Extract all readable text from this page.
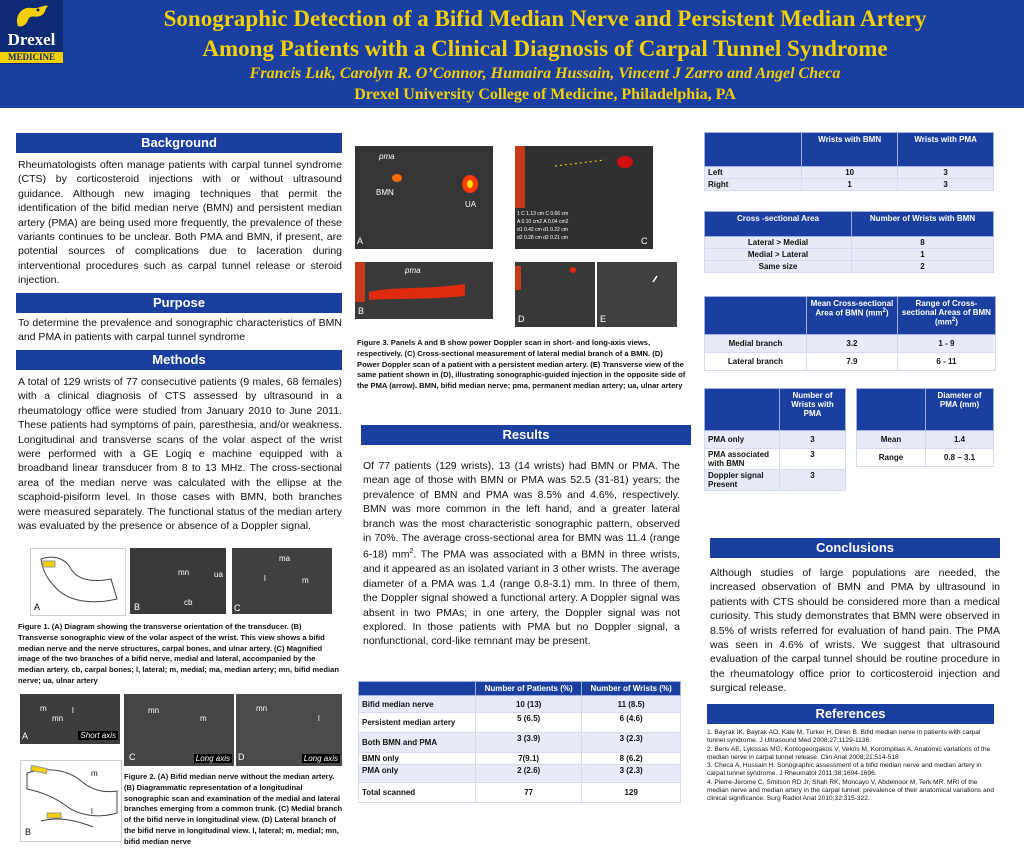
Drexel
MEDICINE
Sonographic Detection of a Bifid Median Nerve and Persistent Median Artery
Among Patients with a Clinical Diagnosis of Carpal Tunnel Syndrome
Francis Luk, Carolyn R. O’Connor, Humaira Hussain, Vincent J Zarro and Angel Checa
Drexel University College of Medicine, Philadelphia, PA
Background
Rheumatologists often manage patients with carpal tunnel syndrome (CTS) by corticosteroid injections with or without ultrasound guidance. Although new imaging techniques that permit the identification of the bifid median nerve (BMN) and persistent median artery (PMA) are being used more frequently, the prevalence of these variants continues to be unclear. Both PMA and BMN, if present, are potential sources of complications due to laceration during interventional procedures such as carpal tunnel release or steroid injection.
Purpose
To determine the prevalence and sonographic characteristics of BMN and PMA in patients with carpal tunnel syndrome
Methods
A total of 129 wrists of 77 consecutive patients (9 males, 68 females) with a clinical diagnosis of CTS assessed by ultrasound in a rheumatology office were studied from January 2010 to June 2011. These patients had symptoms of pain, paresthesia, and/or weakness. Longitudinal and transverse scans of the volar aspect of the wrist were performed with a GE Logiq e machine equipped with a broadband linear transducer from 8 to 13 MHz. The cross-sectional area of the median nerve was calculated with the ellipse at the scaphoid-pisiform level. In those cases with BMN, both branches were measured separately. The functional status of the median artery was evaluated by the presence or absence of a Doppler signal.
A
mn	ua
cb
B
ma
l	m
C
Figure 1. (A) Diagram showing the transverse orientation of the transducer. (B) Transverse sonographic view of the volar aspect of the wrist. This view shows a bifid median nerve and the nerve structures, carpal bones, and ulnar artery. (C) Magnified image of the two branches of a bifid nerve, medial and lateral, accompanied by the median artery. cb, carpal bones; l, lateral; m, medial; ma, median artery; mn, bifid median nerve; ua, ulnar artery
m	l
mn
A	Short axis
mn
m
C	Long axis
mn
l
D	Long axis
m
l
B
Figure 2. (A) Bifid median nerve without the median artery. (B) Diagrammatic representation of a longitudinal sonographic scan and examination of the medial and lateral branches emerging from a common trunk. (C) Medial branch of the bifid nerve in longitudinal view. (D) Lateral branch of the bifid nerve in longitudinal view. l, lateral; m, medial; mn, bifid median nerve
pma
BMN
UA
A
1 C 1.13 cm C 0.66 cm
A 0.10 cm2 A 0.04 cm2
d1 0.42 cm d1 0.22 cm
d2 0.28 cm d2 0.21 cm	C
pma
B
D	E
Figure 3. Panels A and B show power Doppler scan in short- and long-axis views, respectively. (C) Cross-sectional measurement of lateral medial branch of a BMN. (D) Power Doppler scan of a patient with a persistent median artery. (E) Transverse view of the same patient shown in (D), illustrating sonographic-guided injection in the opposite side of the PMA (arrow). BMN, bifid median nerve; pma, permanent median artery; ua, ulnar artery
Results
Of 77 patients (129 wrists), 13 (14 wrists) had BMN or PMA. The mean age of those with BMN or PMA was 52.5 (31-81) years; the prevalence of BMN and PMA was 8.5% and 4.6%, respectively. BMN was more common in the left hand, and a greater lateral branch was the most characteristic sonographic pattern, observed in 70%. The average cross-sectional area for BMN was 11.4 (range 6-18) $mm^2$. The PMA was associated with a BMN in three wrists, and it appeared as an isolated variant in 3 other wrists. The average diameter of a PMA was 1.4 (range 0.8-3.1) mm. In three of them, the Doppler signal showed a functional artery. A Doppler signal was absent in two PMAs; in one artery, the Doppler signal was not explored. In those patients with PMA but no Doppler signal, a nonfunctional, cord-like remnant may be present.
	Number of Patients (%)	Number of Wrists (%)
Bifid median nerve	10 (13)	11 (8.5)
Persistent median artery	5 (6.5)	6 (4.6)
Both BMN and PMA	3 (3.9)	3 (2.3)
BMN only	7(9.1)	8 (6.2)
PMA only	2 (2.6)	3 (2.3)
Total scanned	77	129
	Wrists with BMN	Wrists with PMA
Left	10	3
Right	1	3
Cross -sectional Area	Number of Wrists with BMN
Lateral > Medial	8
Medial > Lateral	1
Same size	2
	Mean Cross-sectional Area of BMN $(mm^2)$	Range of Cross-sectional Areas of BMN $(mm^2)$
Medial branch	3.2	1 - 9
Lateral branch	7.9	6 - 11
	Number of Wrists with PMA
PMA only	3
PMA associated with BMN	3
Doppler signal Present	3
	Diameter of PMA (mm)
Mean	1.4
Range	0.8 – 3.1
Conclusions
Although studies of large populations are needed, the increased observation of BMN and PMA by ultrasound in patients with CTS should be considered more than a medical curiosity. This study demonstrates that BMN were observed in 8.5% of wrists referred for evaluation of hand pain. The PMA was seen in 4.6% of wrists. We suggest that ultrasound evaluation of the carpal tunnel should be routine procedure in the rheumatology office prior to corticosteroid injection and surgical release.
References
1. Bayrak IK, Bayrak AO, Kale M, Turker H, Diren B. Bifid median nerve in patients with carpal tunnel syndrome. J Ultrasound Med 2008;27:1129-1136.
2. Beris AE, Lykissas MG, Kontogeorgakos V, Vekris M, Korompilias A. Anatomic variations of the median nerve in carpal tunnel release. Clin Anat 2008;21:514-518
3. Checa A, Hussain H. Sonographic assessment of a bifid median nerve and median artery in carpal tunnel syndrome. J Rheumatol 2011;38:1694-1696.
4. Pierre-Jerome C, Smitson RD Jr, Shah RK, Moncayo V, Abdelnoor M, Terk MR. MRI of the median nerve and median artery in the carpal tunnel: prevalence of their anatomical variations and clinical significance. Surg Radiol Anat 2010;32:315-322.
